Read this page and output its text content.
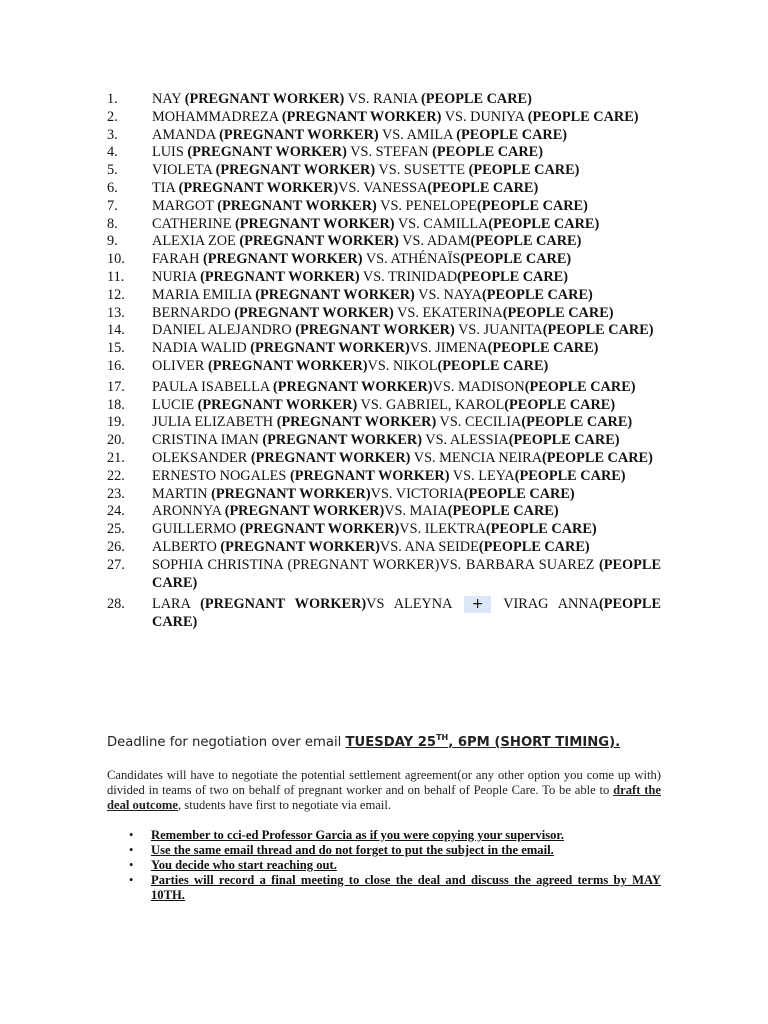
1.	NAY (PREGNANT WORKER) VS. RANIA (PEOPLE CARE)
2.	MOHAMMADREZA (PREGNANT WORKER) VS. DUNIYA (PEOPLE CARE)
3.	AMANDA (PREGNANT WORKER) VS. AMILA (PEOPLE CARE)
4.	LUIS (PREGNANT WORKER) VS. STEFAN (PEOPLE CARE)
5.	VIOLETA (PREGNANT WORKER) VS. SUSETTE (PEOPLE CARE)
6.	TIA (PREGNANT WORKER)VS. VANESSA(PEOPLE CARE)
7.	MARGOT (PREGNANT WORKER) VS. PENELOPE(PEOPLE CARE)
8.	CATHERINE (PREGNANT WORKER) VS. CAMILLA(PEOPLE CARE)
9.	ALEXIA ZOE (PREGNANT WORKER) VS. ADAM(PEOPLE CARE)
10.	FARAH (PREGNANT WORKER) VS. ATHÉNAÏS(PEOPLE CARE)
11.	NURIA (PREGNANT WORKER) VS. TRINIDAD(PEOPLE CARE)
12.	MARIA EMILIA (PREGNANT WORKER) VS. NAYA(PEOPLE CARE)
13.	BERNARDO (PREGNANT WORKER) VS. EKATERINA(PEOPLE CARE)
14.	DANIEL ALEJANDRO (PREGNANT WORKER) VS. JUANITA(PEOPLE CARE)
15.	NADIA WALID (PREGNANT WORKER)VS. JIMENA(PEOPLE CARE)
16.	OLIVER (PREGNANT WORKER)VS. NIKOL(PEOPLE CARE)
17.	PAULA ISABELLA (PREGNANT WORKER)VS. MADISON(PEOPLE CARE)
18.	LUCIE (PREGNANT WORKER) VS. GABRIEL, KAROL(PEOPLE CARE)
19.	JULIA ELIZABETH (PREGNANT WORKER) VS. CECILIA(PEOPLE CARE)
20.	CRISTINA IMAN (PREGNANT WORKER) VS. ALESSIA(PEOPLE CARE)
21.	OLEKSANDER (PREGNANT WORKER) VS. MENCIA NEIRA(PEOPLE CARE)
22.	ERNESTO NOGALES (PREGNANT WORKER) VS. LEYA(PEOPLE CARE)
23.	MARTIN (PREGNANT WORKER)VS. VICTORIA(PEOPLE CARE)
24.	ARONNYA (PREGNANT WORKER)VS. MAIA(PEOPLE CARE)
25.	GUILLERMO (PREGNANT WORKER)VS. ILEKTRA(PEOPLE CARE)
26.	ALBERTO (PREGNANT WORKER)VS. ANA SEIDE(PEOPLE CARE)
27.	SOPHIA CHRISTINA (PREGNANT WORKER)VS. BARBARA SUAREZ (PEOPLE CARE)
28.	LARA (PREGNANT WORKER)VS ALEYNA + VIRAG ANNA(PEOPLE CARE)
Deadline for negotiation over email TUESDAY 25TH, 6PM (SHORT TIMING).
Candidates will have to negotiate the potential settlement agreement(or any other option you come up with) divided in teams of two on behalf of pregnant worker and on behalf of People Care. To be able to draft the deal outcome, students have first to negotiate via email.
• Remember to cci-ed Professor Garcia as if you were copying your supervisor.
• Use the same email thread and do not forget to put the subject in the email.
• You decide who start reaching out.
• Parties will record a final meeting to close the deal and discuss the agreed terms by MAY 10TH.
